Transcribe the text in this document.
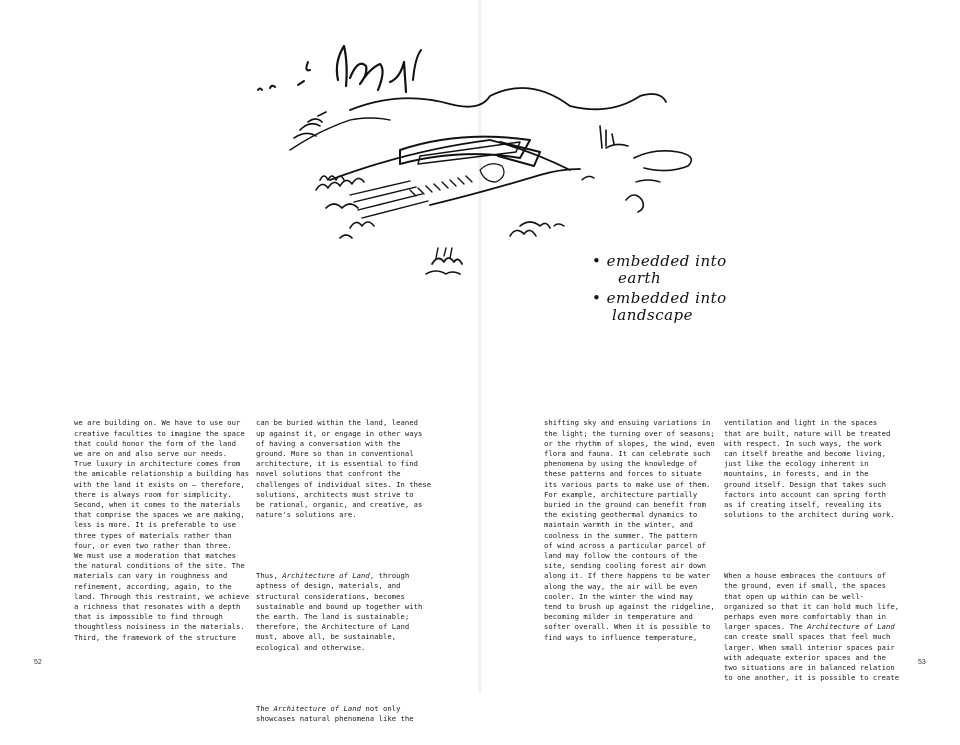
• embedded into
earth
• embedded into
landscape

we are building on. We have to use our
creative faculties to imagine the space
that could honor the form of the land
we are on and also serve our needs.
True luxury in architecture comes from
the amicable relationship a building has
with the land it exists on – therefore,
there is always room for simplicity.
Second, when it comes to the materials
that comprise the spaces we are making,
less is more. It is preferable to use
three types of materials rather than
four, or even two rather than three.
We must use a moderation that matches
the natural conditions of the site. The
materials can vary in roughness and
refinement, according, again, to the
land. Through this restraint, we achieve
a richness that resonates with a depth
that is impossible to find through
thoughtless noisiness in the materials.
Third, the framework of the structure

can be buried within the land, leaned
up against it, or engage in other ways
of having a conversation with the
ground. More so than in conventional
architecture, it is essential to find
novel solutions that confront the
challenges of individual sites. In these
solutions, architects must strive to
be rational, organic, and creative, as
nature's solutions are.

Thus, Architecture of Land, through
aptness of design, materials, and
structural considerations, becomes
sustainable and bound up together with
the earth. The land is sustainable;
therefore, the Architecture of Land
must, above all, be sustainable,
ecological and otherwise.

The Architecture of Land not only
showcases natural phenomena like the

shifting sky and ensuing variations in
the light; the turning over of seasons;
or the rhythm of slopes, the wind, even
flora and fauna. It can celebrate such
phenomena by using the knowledge of
these patterns and forces to situate
its various parts to make use of them.
For example, architecture partially
buried in the ground can benefit from
the existing geothermal dynamics to
maintain warmth in the winter, and
coolness in the summer. The pattern
of wind across a particular parcel of
land may follow the contours of the
site, sending cooling forest air down
along it. If there happens to be water
along the way, the air will be even
cooler. In the winter the wind may
tend to brush up against the ridgeline,
becoming milder in temperature and
softer overall. When it is possible to
find ways to influence temperature,

ventilation and light in the spaces
that are built, nature will be treated
with respect. In such ways, the work
can itself breathe and become living,
just like the ecology inherent in
mountains, in forests, and in the
ground itself. Design that takes such
factors into account can spring forth
as if creating itself, revealing its
solutions to the architect during work.

When a house embraces the contours of
the ground, even if small, the spaces
that open up within can be well-
organized so that it can hold much life,
perhaps even more comfortably than in
larger spaces. The Architecture of Land
can create small spaces that feel much
larger. When small interior spaces pair
with adequate exterior spaces and the
two situations are in balanced relation
to one another, it is possible to create

52	53
